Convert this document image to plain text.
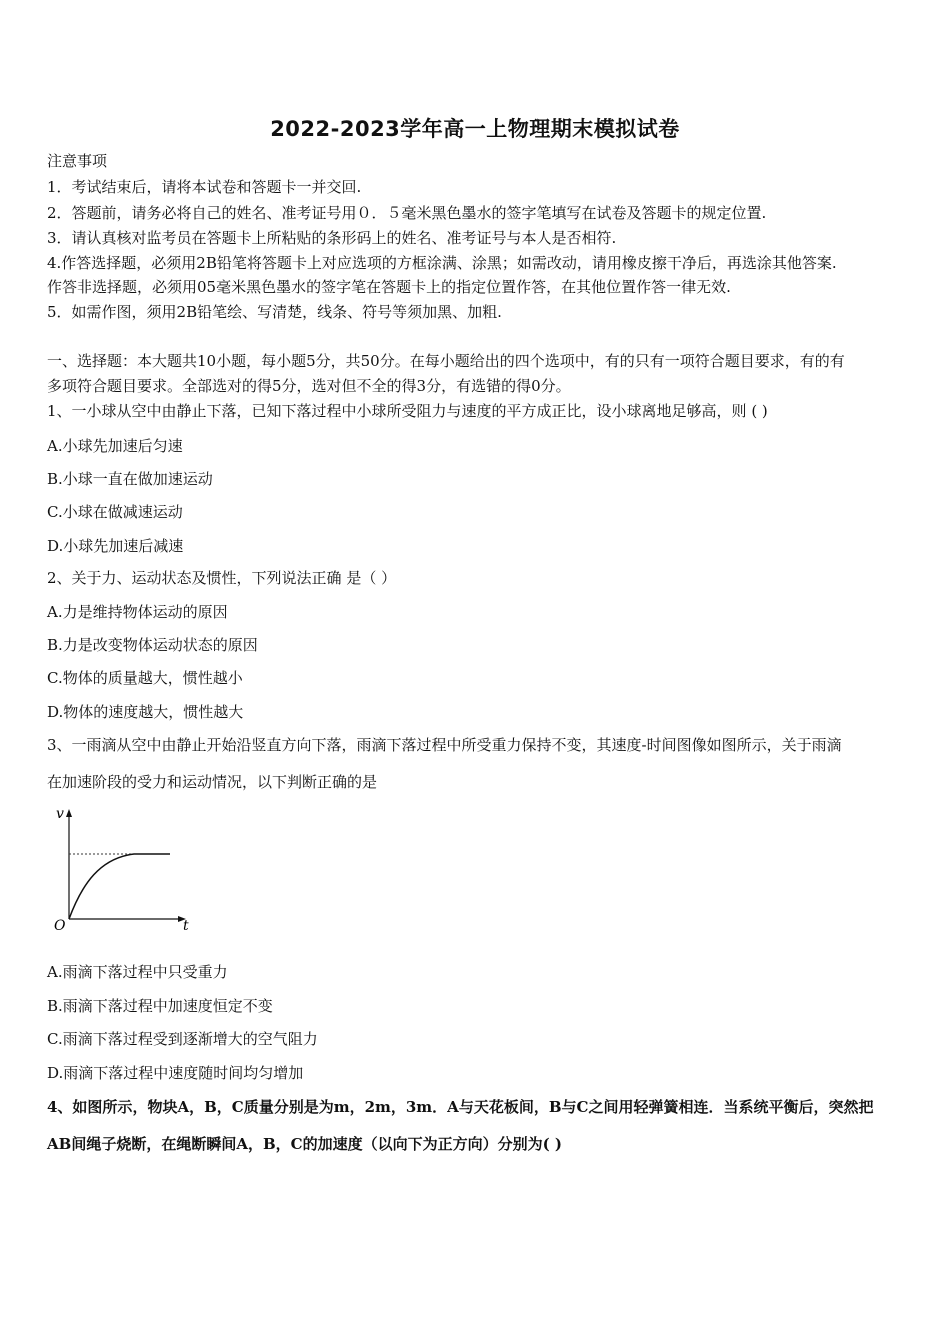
2022-2023学年高一上物理期末模拟试卷
注意事项
1．考试结束后，请将本试卷和答题卡一并交回.
2．答题前，请务必将自己的姓名、准考证号用０．５毫米黑色墨水的签字笔填写在试卷及答题卡的规定位置.
3．请认真核对监考员在答题卡上所粘贴的条形码上的姓名、准考证号与本人是否相符.
4.作答选择题，必须用2B铅笔将答题卡上对应选项的方框涂满、涂黑；如需改动，请用橡皮擦干净后，再选涂其他答案.
作答非选择题，必须用05毫米黑色墨水的签字笔在答题卡上的指定位置作答，在其他位置作答一律无效.
5．如需作图，须用2B铅笔绘、写清楚，线条、符号等须加黑、加粗.
一、选择题：本大题共10小题，每小题5分，共50分。在每小题给出的四个选项中，有的只有一项符合题目要求，有的有
多项符合题目要求。全部选对的得5分，选对但不全的得3分，有选错的得0分。
1、一小球从空中由静止下落，已知下落过程中小球所受阻力与速度的平方成正比，设小球离地足够高，则 ( )
A.小球先加速后匀速
B.小球一直在做加速运动
C.小球在做减速运动
D.小球先加速后减速
2、关于力、运动状态及惯性，下列说法正确 是（ ）
A.力是维持物体运动的原因
B.力是改变物体运动状态的原因
C.物体的质量越大，惯性越小
D.物体的速度越大，惯性越大
3、一雨滴从空中由静止开始沿竖直方向下落，雨滴下落过程中所受重力保持不变，其速度-时间图像如图所示，关于雨滴
在加速阶段的受力和运动情况，以下判断正确的是
v
t
O
A.雨滴下落过程中只受重力
B.雨滴下落过程中加速度恒定不变
C.雨滴下落过程受到逐渐增大的空气阻力
D.雨滴下落过程中速度随时间均匀增加
4、如图所示，物块A，B，C质量分别是为m，2m，3m．A与天花板间，B与C之间用轻弹簧相连．当系统平衡后，突然把
AB间绳子烧断，在绳断瞬间A，B，C的加速度（以向下为正方向）分别为( )
